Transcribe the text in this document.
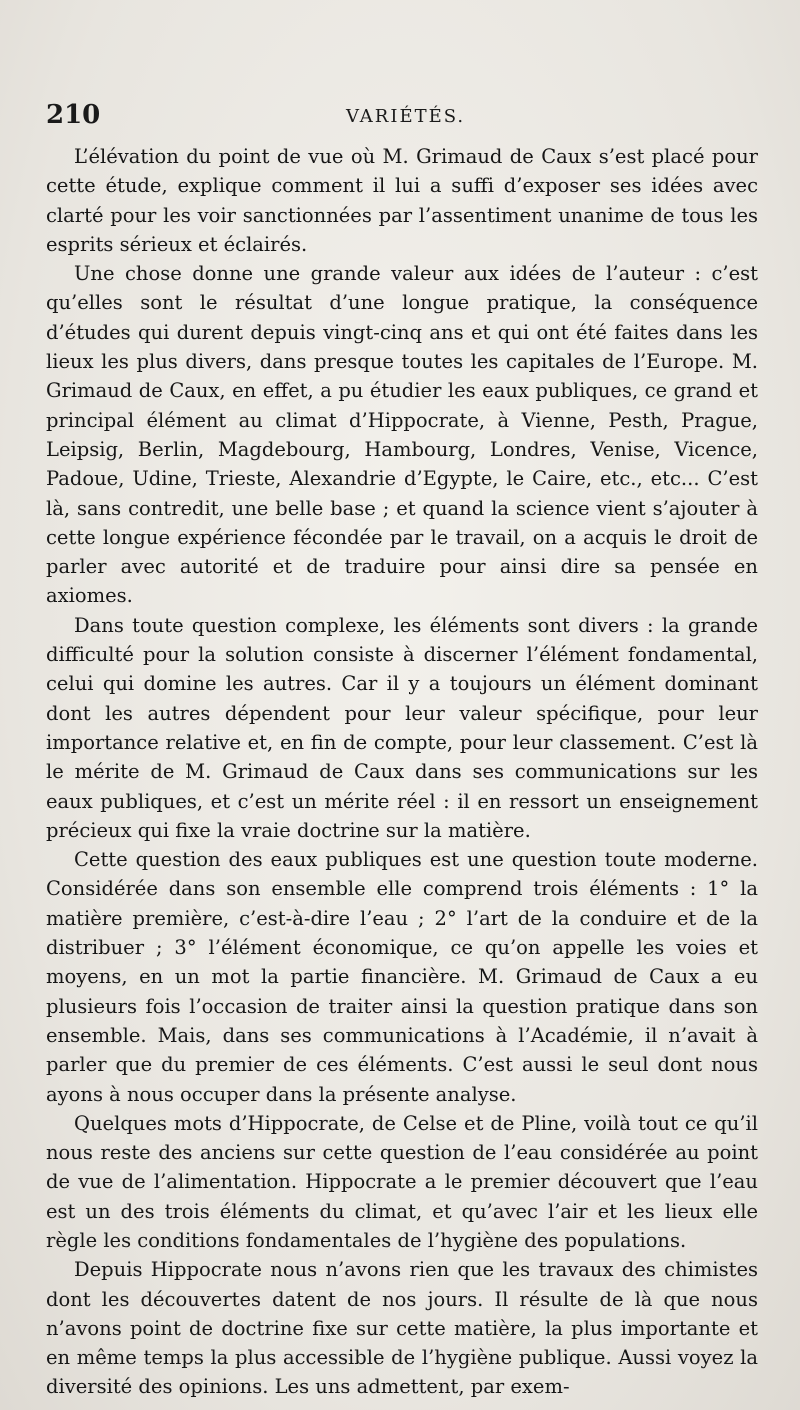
210	VARIÉTÉS.

L’élévation du point de vue où M. Grimaud de Caux s’est placé pour cette étude, explique comment il lui a suffi d’exposer ses idées avec clarté pour les voir sanctionnées par l’assentiment unanime de tous les esprits sérieux et éclairés.

Une chose donne une grande valeur aux idées de l’auteur : c’est qu’elles sont le résultat d’une longue pratique, la conséquence d’études qui durent depuis vingt-cinq ans et qui ont été faites dans les lieux les plus divers, dans presque toutes les capitales de l’Europe. M. Grimaud de Caux, en effet, a pu étudier les eaux publiques, ce grand et principal élément au climat d’Hippocrate, à Vienne, Pesth, Prague, Leipsig, Berlin, Magdebourg, Hambourg, Londres, Venise, Vicence, Padoue, Udine, Trieste, Alexandrie d’Egypte, le Caire, etc., etc... C’est là, sans contredit, une belle base ; et quand la science vient s’ajouter à cette longue expérience fécondée par le travail, on a acquis le droit de parler avec autorité et de traduire pour ainsi dire sa pensée en axiomes.

Dans toute question complexe, les éléments sont divers : la grande difficulté pour la solution consiste à discerner l’élément fondamental, celui qui domine les autres. Car il y a toujours un élément dominant dont les autres dépendent pour leur valeur spécifique, pour leur importance relative et, en fin de compte, pour leur classement. C’est là le mérite de M. Grimaud de Caux dans ses communications sur les eaux publiques, et c’est un mérite réel : il en ressort un enseignement précieux qui fixe la vraie doctrine sur la matière.

Cette question des eaux publiques est une question toute moderne. Considérée dans son ensemble elle comprend trois éléments : 1° la matière première, c’est-à-dire l’eau ; 2° l’art de la conduire et de la distribuer ; 3° l’élément économique, ce qu’on appelle les voies et moyens, en un mot la partie financière. M. Grimaud de Caux a eu plusieurs fois l’occasion de traiter ainsi la question pratique dans son ensemble. Mais, dans ses communications à l’Académie, il n’avait à parler que du premier de ces éléments. C’est aussi le seul dont nous ayons à nous occuper dans la présente analyse.

Quelques mots d’Hippocrate, de Celse et de Pline, voilà tout ce qu’il nous reste des anciens sur cette question de l’eau considérée au point de vue de l’alimentation. Hippocrate a le premier découvert que l’eau est un des trois éléments du climat, et qu’avec l’air et les lieux elle règle les conditions fondamentales de l’hygiène des populations.

Depuis Hippocrate nous n’avons rien que les travaux des chimistes dont les découvertes datent de nos jours. Il résulte de là que nous n’avons point de doctrine fixe sur cette matière, la plus importante et en même temps la plus accessible de l’hygiène publique. Aussi voyez la diversité des opinions. Les uns admettent, par exem-
